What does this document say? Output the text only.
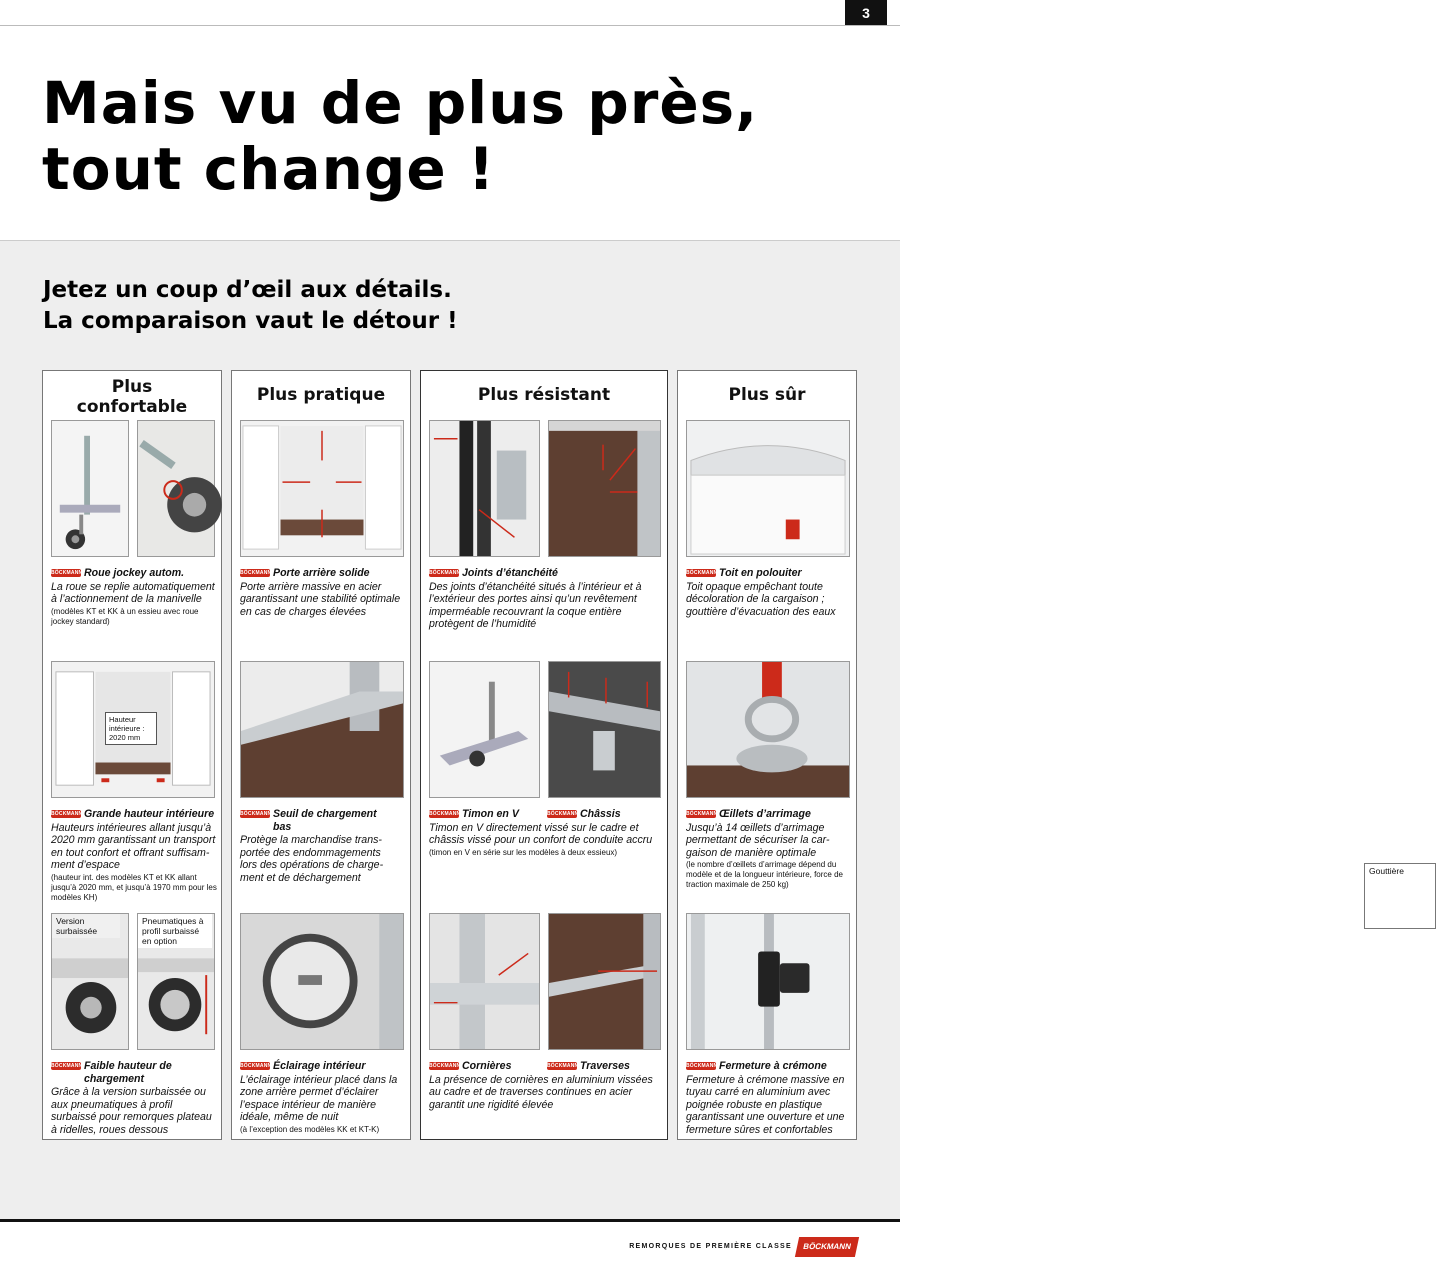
3
Mais vu de plus près,
tout change !
Jetez un coup d’œil aux détails.
La comparaison vaut le détour !
Plus
confortable
BÖCKMANN Roue jockey autom.
La roue se replie automatiquement à l’actionnement de la manivelle
(modèles KT et KK à un essieu avec roue jockey standard)
Hauteur intérieure : 2020 mm
BÖCKMANN Grande hauteur intérieure
Hauteurs intérieures allant jusqu’à 2020 mm garantissant un transport en tout confort et offrant suffisam-ment d’espace
(hauteur int. des modèles KT et KK allant jusqu’à 2020 mm, et jusqu’à 1970 mm pour les modèles KH)
Version surbaissée
Pneumatiques à profil surbaissé en option
BÖCKMANN Faible hauteur de chargement
Grâce à la version surbaissée ou aux pneumatiques à profil surbaissé pour remorques plateau à ridelles, roues dessous
Plus pratique
BÖCKMANN Porte arrière solide
Porte arrière massive en acier garantissant une stabilité optimale en cas de charges élevées
BÖCKMANN Seuil de chargement bas
Protège la marchandise trans-portée des endommagements lors des opérations de charge-ment et de déchargement
BÖCKMANN Éclairage intérieur
L’éclairage intérieur placé dans la zone arrière permet d’éclairer l’espace intérieur de manière idéale, même de nuit
(à l’exception des modèles KK et KT-K)
Plus résistant
BÖCKMANN Joints d’étanchéité
Des joints d’étanchéité situés à l’intérieur et à l’extérieur des portes ainsi qu’un revêtement imperméable recouvrant la coque entière protègent de l’humidité
BÖCKMANN Timon en V	BÖCKMANN Châssis
Timon en V directement vissé sur le cadre et châssis vissé pour un confort de conduite accru
(timon en V en série sur les modèles à deux essieux)
BÖCKMANN Cornières	BÖCKMANN Traverses
La présence de cornières en aluminium vissées au cadre et de traverses continues en acier garantit une rigidité élevée
Plus sûr
Gouttière
BÖCKMANN Toit en polouiter
Toit opaque empêchant toute décoloration de la cargaison ; gouttière d’évacuation des eaux
BÖCKMANN Œillets d’arrimage
Jusqu’à 14 œillets d’arrimage permettant de sécuriser la car-gaison de manière optimale
(le nombre d’œillets d’arrimage dépend du modèle et de la longueur intérieure, force de traction maximale de 250 kg)
BÖCKMANN Fermeture à crémone
Fermeture à crémone massive en tuyau carré en aluminium avec poignée robuste en plastique garantissant une ouverture et une fermeture sûres et confortables
REMORQUES DE PREMIÈRE CLASSE	BÖCKMANN
